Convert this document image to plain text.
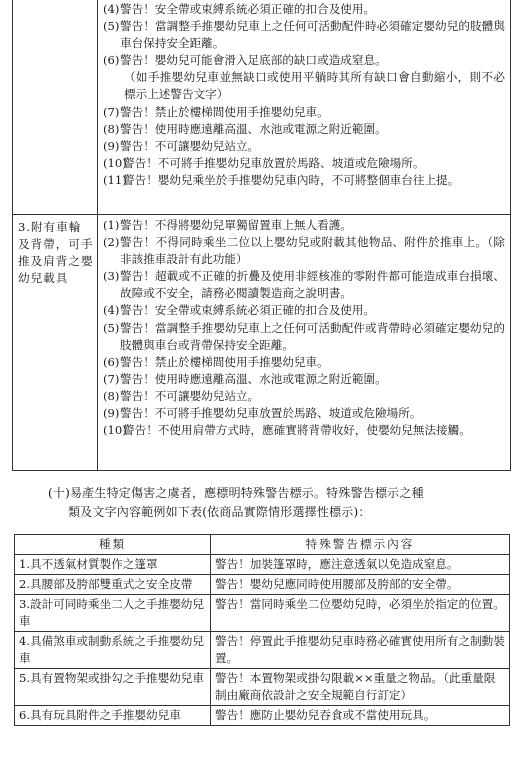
(4) 警告！安全帶或束縛系統必須正確的扣合及使用。
(5) 警告！當調整手推嬰幼兒車上之任何可活動配件時必須確定嬰幼兒的肢體與車台保持安全距離。
(6) 警告！嬰幼兒可能會滑入足底部的缺口或造成窒息。
（如手推嬰幼兒車並無缺口或使用平躺時其所有缺口會自動縮小，則不必標示上述警告文字）
(7) 警告！禁止於樓梯間使用手推嬰幼兒車。
(8) 警告！使用時應遠離高溫、水池或電源之附近範圍。
(9) 警告！不可讓嬰幼兒站立。
(10)
警告！不可將手推嬰幼兒車放置於馬路、坡道或危險場所。
(11)
警告！嬰幼兒乘坐於手推嬰幼兒車內時，不可將整個車台往上提。
3.附有車輪及背帶，可手推及肩背之嬰幼兒載具
(1) 警告！不得將嬰幼兒單獨留置車上無人看護。
(2) 警告！不得同時乘坐二位以上嬰幼兒或附載其他物品、附件於推車上。（除非該推車設計有此功能）
(3) 警告！超載或不正確的折疊及使用非經核准的零附件都可能造成車台損壞、故障或不安全，請務必閱讀製造商之說明書。
(4) 警告！安全帶或束縛系統必須正確的扣合及使用。
(5) 警告！當調整手推嬰幼兒車上之任何可活動配件或背帶時必須確定嬰幼兒的肢體與車台或背帶保持安全距離。
(6) 警告！禁止於樓梯間使用手推嬰幼兒車。
(7) 警告！使用時應遠離高溫、水池或電源之附近範圍。
(8) 警告！不可讓嬰幼兒站立。
(9) 警告！不可將手推嬰幼兒車放置於馬路、坡道或危險場所。
(10)
警告！不使用肩帶方式時，應確實將背帶收好，使嬰幼兒無法接觸。
(十)易產生特定傷害之虞者，應標明特殊警告標示。特殊警告標示之種
類及文字內容範例如下表(依商品實際情形選擇性標示)：
種類	特殊警告標示內容
1.具不透氣材質製作之篷罩	警告！加裝篷罩時，應注意透氣以免造成窒息。
2.具腰部及胯部雙重式之安全皮帶	警告！嬰幼兒應同時使用腰部及胯部的安全帶。
3.設計可同時乘坐二人之手推嬰幼兒車	警告！當同時乘坐二位嬰幼兒時，必須坐於指定的位置。
4.具備煞車或制動系統之手推嬰幼兒車	警告！停置此手推嬰幼兒車時務必確實使用所有之制動裝置。
5.具有置物架或掛勾之手推嬰幼兒車	警告！本置物架或掛勾限載××重量之物品。（此重量限制由廠商依設計之安全規範自行訂定）
6.具有玩具附件之手推嬰幼兒車	警告！應防止嬰幼兒吞食或不當使用玩具。
